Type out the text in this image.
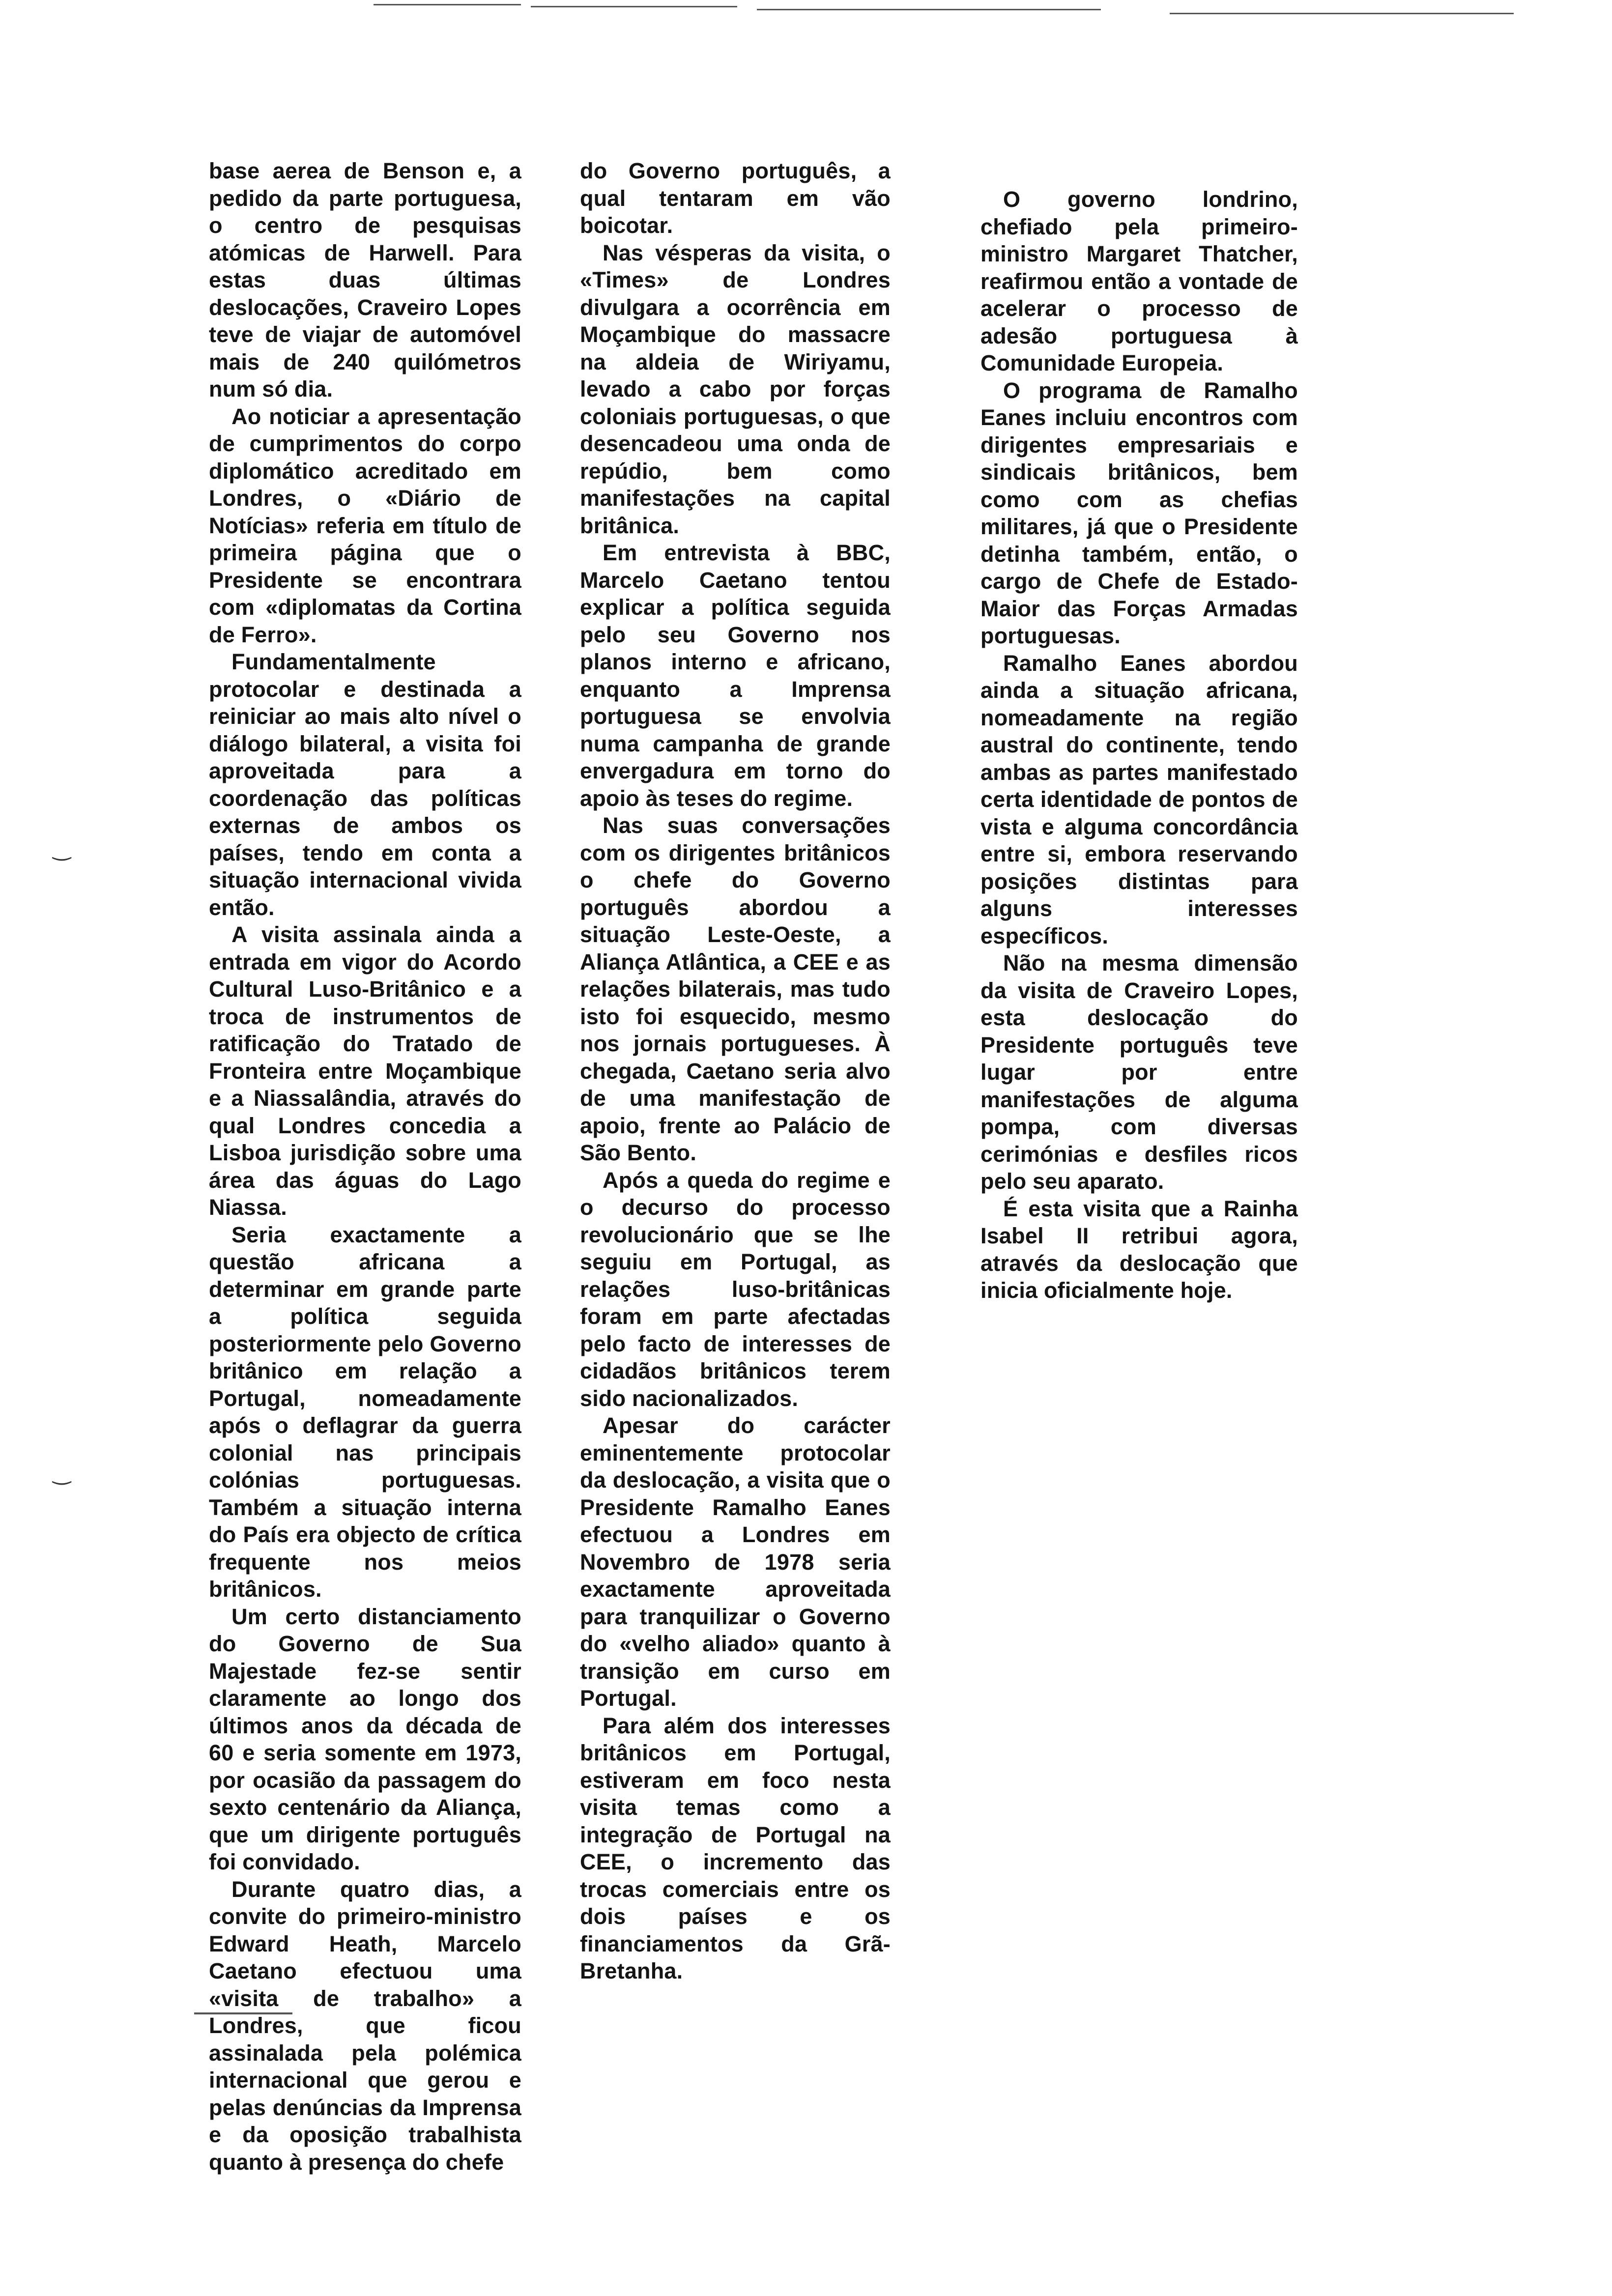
‿
‿

base aerea de Benson e, a pedido da parte portuguesa, o centro de pesquisas atómicas de Harwell. Para estas duas últimas deslocações, Craveiro Lopes teve de viajar de automóvel mais de 240 quilómetros num só dia.

Ao noticiar a apresentação de cumprimentos do corpo diplomático acreditado em Londres, o «Diário de Notícias» referia em título de primeira página que o Presidente se encontrara com «diplomatas da Cortina de Ferro».

Fundamentalmente protocolar e destinada a reiniciar ao mais alto nível o diálogo bilateral, a visita foi aproveitada para a coordenação das políticas externas de ambos os países, tendo em conta a situação internacional vivida então.

A visita assinala ainda a entrada em vigor do Acordo Cultural Luso-Britânico e a troca de instrumentos de ratificação do Tratado de Fronteira entre Moçambique e a Niassalândia, através do qual Londres concedia a Lisboa jurisdição sobre uma área das águas do Lago Niassa.

Seria exactamente a questão africana a determinar em grande parte a política seguida posteriormente pelo Governo britânico em relação a Portugal, nomeadamente após o deflagrar da guerra colonial nas principais colónias portuguesas. Também a situação interna do País era objecto de crítica frequente nos meios britânicos.

Um certo distanciamento do Governo de Sua Majestade fez-se sentir claramente ao longo dos últimos anos da década de 60 e seria somente em 1973, por ocasião da passagem do sexto centenário da Aliança, que um dirigente português foi convidado.

Durante quatro dias, a convite do primeiro-ministro Edward Heath, Marcelo Caetano efectuou uma «visita de trabalho» a Londres, que ficou assinalada pela polémica internacional que gerou e pelas denúncias da Imprensa e da oposição trabalhista quanto à presença do chefe

do Governo português, a qual tentaram em vão boicotar.

Nas vésperas da visita, o «Times» de Londres divulgara a ocorrência em Moçambique do massacre na aldeia de Wiriyamu, levado a cabo por forças coloniais portuguesas, o que desencadeou uma onda de repúdio, bem como manifestações na capital britânica.

Em entrevista à BBC, Marcelo Caetano tentou explicar a política seguida pelo seu Governo nos planos interno e africano, enquanto a Imprensa portuguesa se envolvia numa campanha de grande envergadura em torno do apoio às teses do regime.

Nas suas conversações com os dirigentes britânicos o chefe do Governo português abordou a situação Leste-Oeste, a Aliança Atlântica, a CEE e as relações bilaterais, mas tudo isto foi esquecido, mesmo nos jornais portugueses. À chegada, Caetano seria alvo de uma manifestação de apoio, frente ao Palácio de São Bento.

Após a queda do regime e o decurso do processo revolucionário que se lhe seguiu em Portugal, as relações luso-britânicas foram em parte afectadas pelo facto de interesses de cidadãos britânicos terem sido nacionalizados.

Apesar do carácter eminentemente protocolar da deslocação, a visita que o Presidente Ramalho Eanes efectuou a Londres em Novembro de 1978 seria exactamente aproveitada para tranquilizar o Governo do «velho aliado» quanto à transição em curso em Portugal.

Para além dos interesses britânicos em Portugal, estiveram em foco nesta visita temas como a integração de Portugal na CEE, o incremento das trocas comerciais entre os dois países e os financiamentos da Grã-Bretanha.

O governo londrino, chefiado pela primeiro-ministro Margaret Thatcher, reafirmou então a vontade de acelerar o processo de adesão portuguesa à Comunidade Europeia.

O programa de Ramalho Eanes incluiu encontros com dirigentes empresariais e sindicais britânicos, bem como com as chefias militares, já que o Presidente detinha também, então, o cargo de Chefe de Estado-Maior das Forças Armadas portuguesas.

Ramalho Eanes abordou ainda a situação africana, nomeadamente na região austral do continente, tendo ambas as partes manifestado certa identidade de pontos de vista e alguma concordância entre si, embora reservando posições distintas para alguns interesses específicos.

Não na mesma dimensão da visita de Craveiro Lopes, esta deslocação do Presidente português teve lugar por entre manifestações de alguma pompa, com diversas cerimónias e desfiles ricos pelo seu aparato.

É esta visita que a Rainha Isabel II retribui agora, através da deslocação que inicia oficialmente hoje.
